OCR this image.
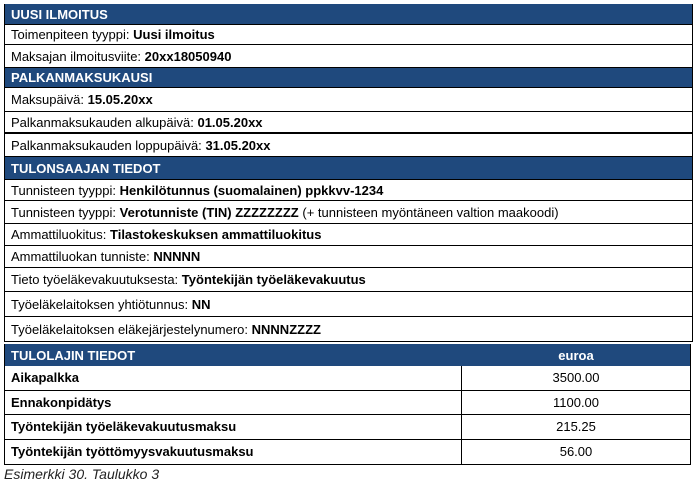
UUSI ILMOITUS
Toimenpiteen tyyppi:
Uusi ilmoitus
Maksajan ilmoitusviite:
20xx18050940
PALKANMAKSUKAUSI
Maksupäivä:
15.05.20xx
Palkanmaksukauden alkupäivä:
01.05.20xx
Palkanmaksukauden loppupäivä:
31.05.20xx
TULONSAAJAN TIEDOT
Tunnisteen tyyppi:
Henkilötunnus (suomalainen) ppkkvv-1234
Tunnisteen tyyppi:
Verotunniste (TIN) ZZZZZZZZ (+ tunnisteen myöntäneen valtion maakoodi)
Ammattiluokitus:
Tilastokeskuksen ammattiluokitus
Ammattiluokan tunniste:
NNNNN
Tieto työeläkevakuutuksesta:
Työntekijän työeläkevakuutus
Työeläkelaitoksen yhtiötunnus:
NN
Työeläkelaitoksen eläkejärjestelynumero:
NNNNZZZZ
TULOLAJIN TIEDOT	euroa
Aikapalkka	3500.00
Ennakonpidätys	1100.00
Työntekijän työeläkevakuutusmaksu	215.25
Työntekijän työttömyysvakuutusmaksu	56.00
Esimerkki 30. Taulukko 3
